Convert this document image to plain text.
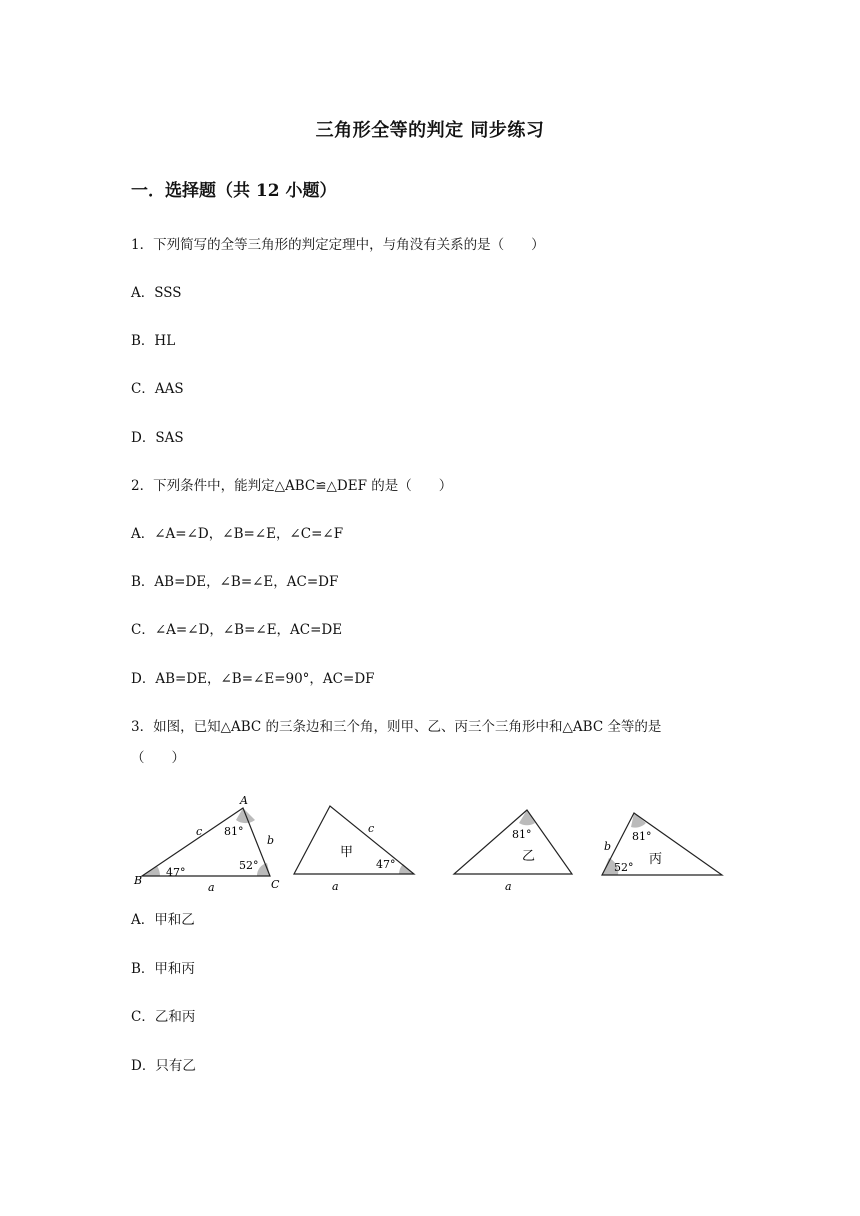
三角形全等的判定 同步练习
一．选择题（共 12 小题）
1．下列简写的全等三角形的判定定理中，与角没有关系的是（　　）
A．SSS
B．HL
C．AAS
D．SAS
2．下列条件中，能判定△ABC≌△DEF 的是（　　）
A．∠A=∠D，∠B=∠E，∠C=∠F
B．AB=DE，∠B=∠E，AC=DF
C．∠A=∠D，∠B=∠E，AC=DE
D．AB=DE，∠B=∠E=90°，AC=DF
3．如图，已知△ABC 的三条边和三个角，则甲、乙、丙三个三角形中和△ABC 全等的是
（　　）
A
B	C
c
b
a
81°
47°
52°
甲
c
a
47°
81°
乙
a
81°
丙
b
52°
A．甲和乙
B．甲和丙
C．乙和丙
D．只有乙
